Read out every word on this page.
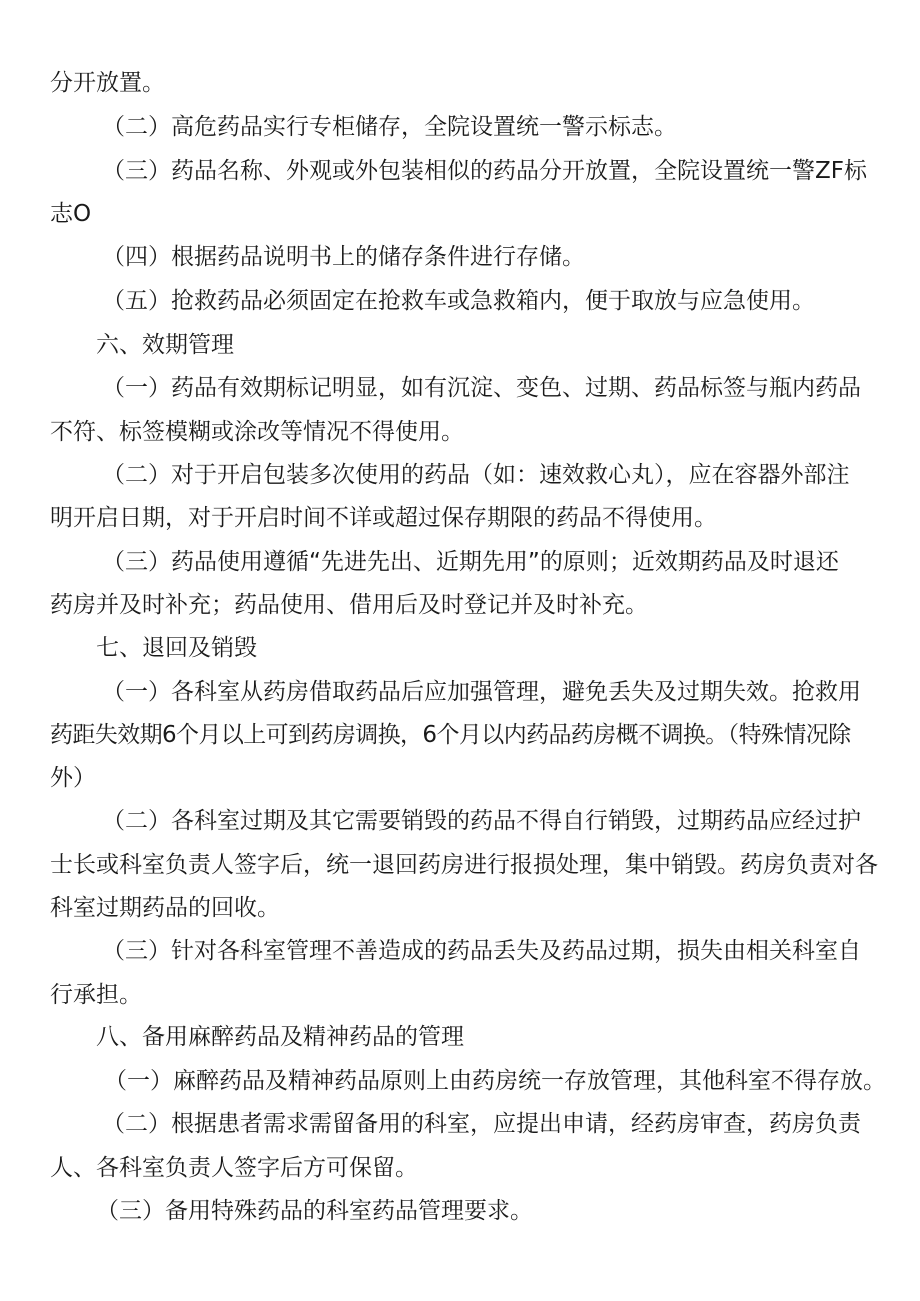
分开放置。
（二）高危药品实行专柜储存，全院设置统一警示标志。
（三）药品名称、外观或外包装相似的药品分开放置，全院设置统一警ZF标
志O
（四）根据药品说明书上的储存条件进行存储。
（五）抢救药品必须固定在抢救车或急救箱内，便于取放与应急使用。
六、效期管理
（一）药品有效期标记明显，如有沉淀、变色、过期、药品标签与瓶内药品
不符、标签模糊或涂改等情况不得使用。
（二）对于开启包装多次使用的药品（如：速效救心丸），应在容器外部注
明开启日期，对于开启时间不详或超过保存期限的药品不得使用。
（三）药品使用遵循“先进先出、近期先用”的原则；近效期药品及时退还
药房并及时补充；药品使用、借用后及时登记并及时补充。
七、退回及销毁
（一）各科室从药房借取药品后应加强管理，避免丢失及过期失效。抢救用
药距失效期6个月以上可到药房调换，6个月以内药品药房概不调换。（特殊情况除
外）
（二）各科室过期及其它需要销毁的药品不得自行销毁，过期药品应经过护
士长或科室负责人签字后，统一退回药房进行报损处理，集中销毁。药房负责对各
科室过期药品的回收。
（三）针对各科室管理不善造成的药品丢失及药品过期，损失由相关科室自
行承担。
八、备用麻醉药品及精神药品的管理
（一）麻醉药品及精神药品原则上由药房统一存放管理，其他科室不得存放。
（二）根据患者需求需留备用的科室，应提出申请，经药房审查，药房负责
人、各科室负责人签字后方可保留。
（三）备用特殊药品的科室药品管理要求。
